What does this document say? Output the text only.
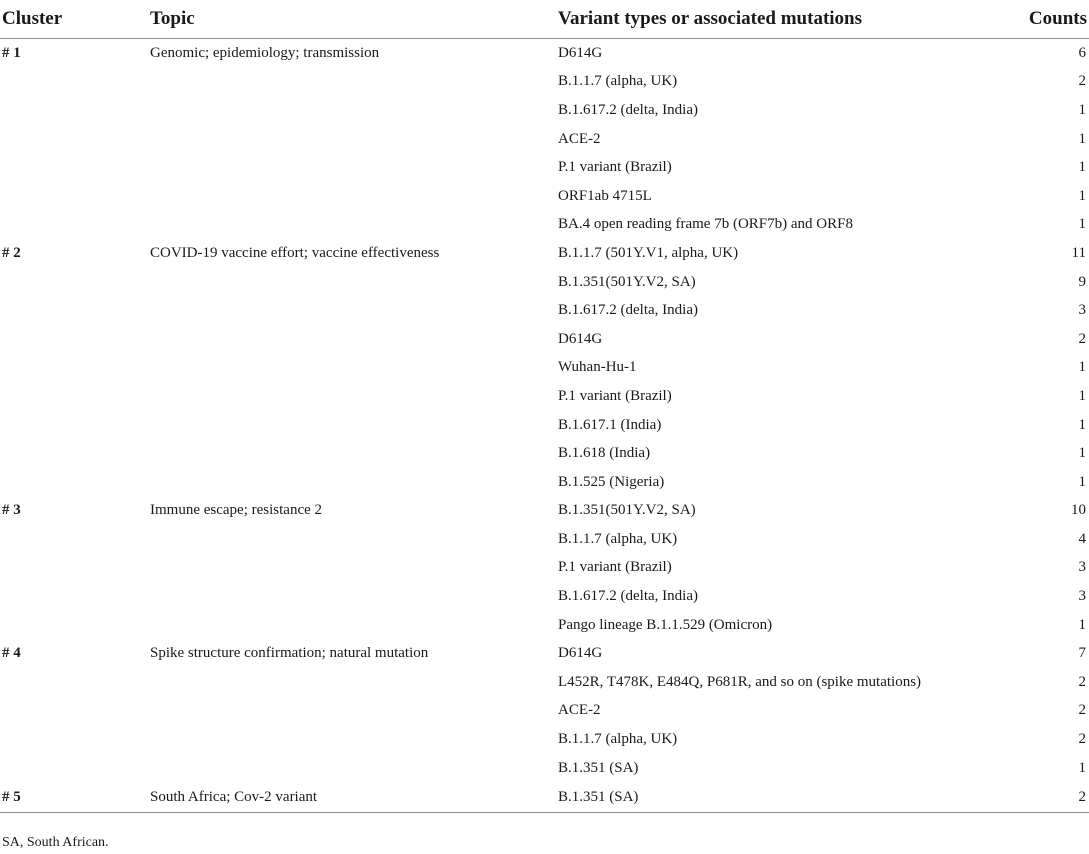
Cluster	Topic	Variant types or associated mutations	Counts
# 1	Genomic; epidemiology; transmission	D614G	6
		B.1.1.7 (alpha, UK)	2
		B.1.617.2 (delta, India)	1
		ACE-2	1
		P.1 variant (Brazil)	1
		ORF1ab 4715L	1
		BA.4 open reading frame 7b (ORF7b) and ORF8	1
# 2	COVID-19 vaccine effort; vaccine effectiveness	B.1.1.7 (501Y.V1, alpha, UK)	11
		B.1.351(501Y.V2, SA)	9
		B.1.617.2 (delta, India)	3
		D614G	2
		Wuhan-Hu-1	1
		P.1 variant (Brazil)	1
		B.1.617.1 (India)	1
		B.1.618 (India)	1
		B.1.525 (Nigeria)	1
# 3	Immune escape; resistance 2	B.1.351(501Y.V2, SA)	10
		B.1.1.7 (alpha, UK)	4
		P.1 variant (Brazil)	3
		B.1.617.2 (delta, India)	3
		Pango lineage B.1.1.529 (Omicron)	1
# 4	Spike structure confirmation; natural mutation	D614G	7
		L452R, T478K, E484Q, P681R, and so on (spike mutations)	2
		ACE-2	2
		B.1.1.7 (alpha, UK)	2
		B.1.351 (SA)	1
# 5	South Africa; Cov-2 variant	B.1.351 (SA)	2
SA, South African.
